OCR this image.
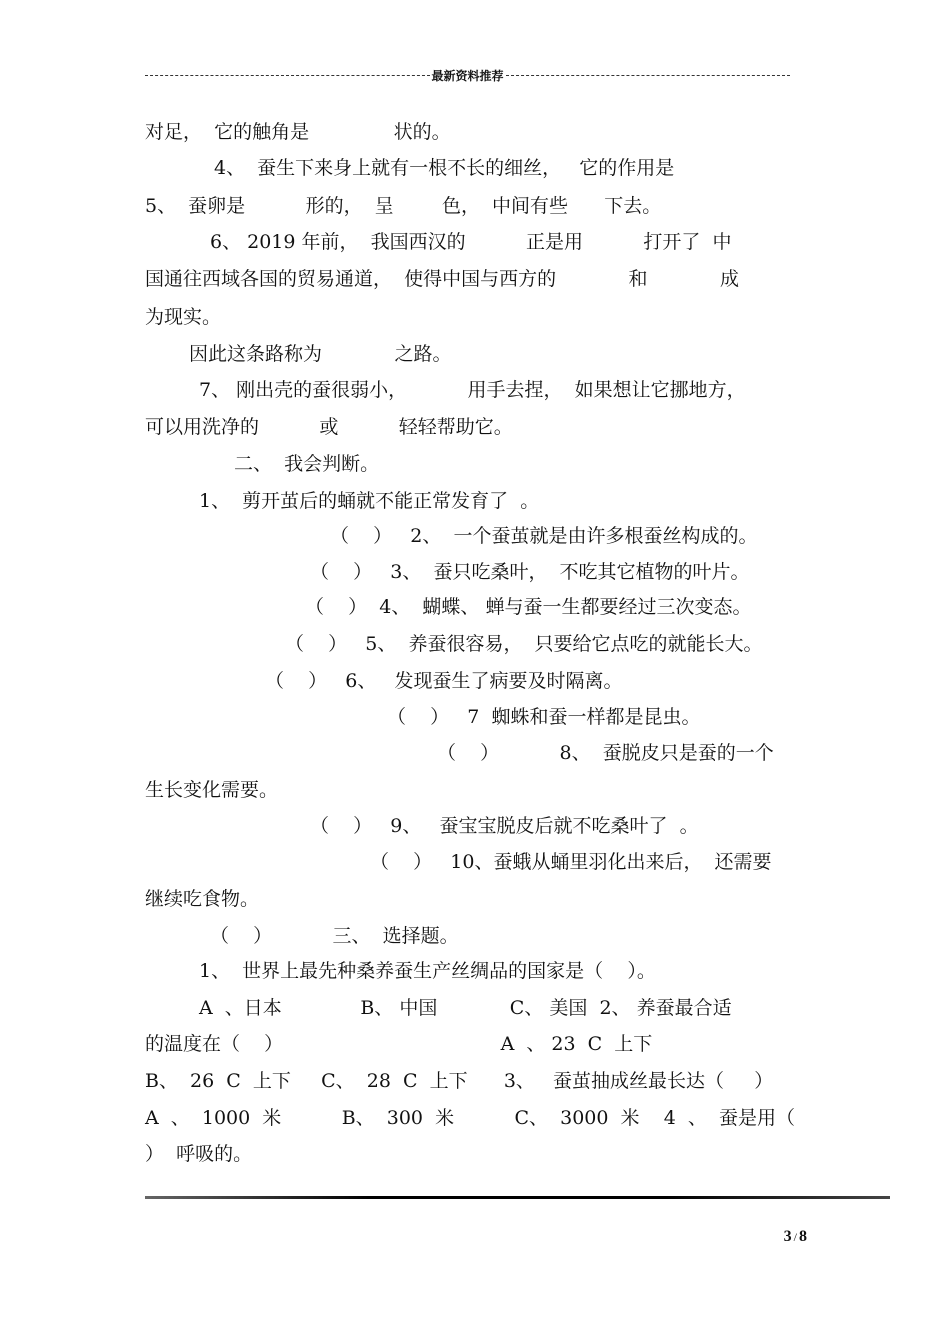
最新资料推荐
对足，  它的触角是              状的。
4、  蚕生下来身上就有一根不长的细丝，   它的作用是
5、  蚕卵是          形的，  呈        色，  中间有些      下去。
6、 2019 年前，  我国西汉的          正是用          打开了  中
国通往西域各国的贸易通道，  使得中国与西方的            和            成
为现实。
因此这条路称为            之路。
7、 刚出壳的蚕很弱小，          用手去捏，  如果想让它挪地方，
可以用洗净的          或          轻轻帮助它。
二、  我会判断。
1、  剪开茧后的蛹就不能正常发育了  。
（    ）   2、  一个蚕茧就是由许多根蚕丝构成的。
（    ）   3、  蚕只吃桑叶，  不吃其它植物的叶片。
（    ）  4、  蝴蝶、 蝉与蚕一生都要经过三次变态。
（    ）   5、  养蚕很容易，  只要给它点吃的就能长大。
（    ）   6、   发现蚕生了病要及时隔离。
（    ）   7  蜘蛛和蚕一样都是昆虫。
（    ）          8、  蚕脱皮只是蚕的一个
生长变化需要。
（    ）   9、   蚕宝宝脱皮后就不吃桑叶了  。
（    ）   10、蚕蛾从蛹里羽化出来后，  还需要
继续吃食物。
（    ）          三、  选择题。
1、  世界上最先种桑养蚕生产丝绸品的国家是（    ）。
A  、日本             B、 中国            C、 美国  2、 养蚕最合适
的温度在（    ）                                    A  、 23  C  上下
B、  26  C  上下     C、  28  C  上下      3、   蚕茧抽成丝最长达（     ）
A  、  1000  米          B、  300  米          C、  3000  米    4  、  蚕是用（
）  呼吸的。
3 / 8
